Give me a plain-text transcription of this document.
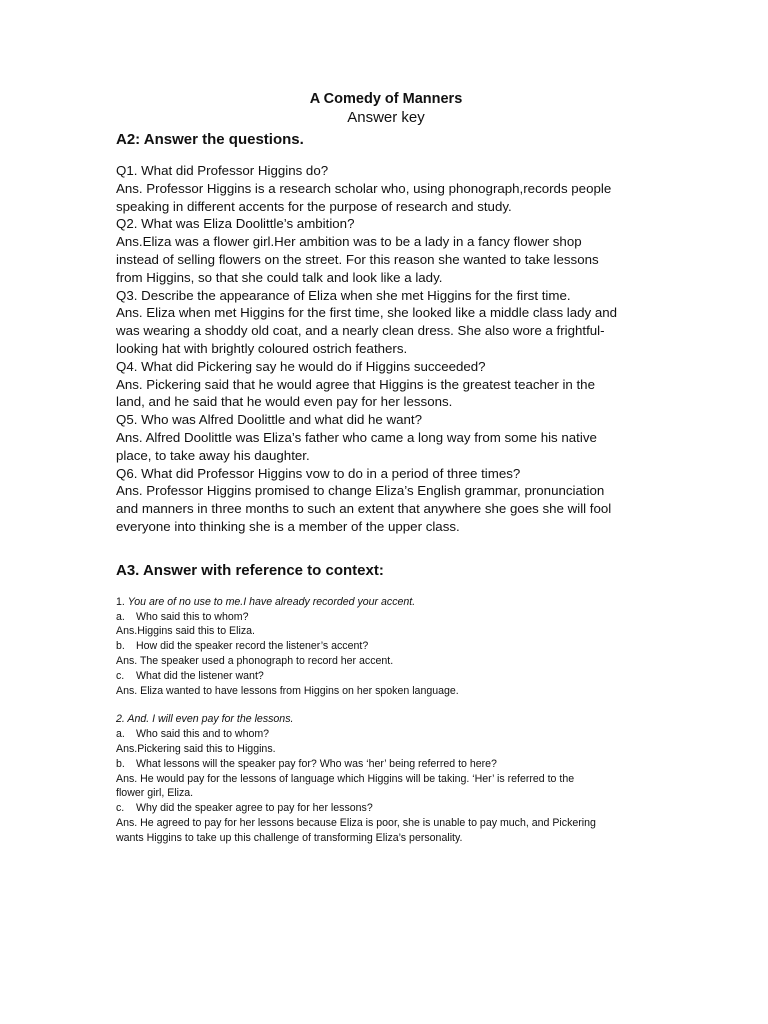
A Comedy of Manners
Answer key
A2: Answer the questions.

Q1. What did Professor Higgins do?

Ans. Professor Higgins is a research scholar who, using phonograph,records people

speaking in different accents for the purpose of research and study.

Q2. What was Eliza Doolittle’s ambition?

Ans.Eliza was a flower girl.Her ambition was to be a lady in a fancy flower shop

instead of selling flowers on the street. For this reason she wanted to take lessons

from Higgins, so that she could talk and look like a lady.

Q3. Describe the appearance of Eliza when she met Higgins for the first time.

Ans. Eliza when met Higgins for the first time, she looked like a middle class lady and

was wearing a shoddy old coat, and a nearly clean dress. She also wore a frightful-

looking hat with brightly coloured ostrich feathers.

Q4. What did Pickering say he would do if Higgins succeeded?

Ans. Pickering said that he would agree that Higgins is the greatest teacher in the

land, and he said that he would even pay for her lessons.

Q5. Who was Alfred Doolittle and what did he want?

Ans. Alfred Doolittle was Eliza’s father who came a long way from some his native

place, to take away his daughter.

Q6. What did Professor Higgins vow to do in a period of three times?

Ans. Professor Higgins promised to change Eliza’s English grammar, pronunciation

and manners in three months to such an extent that anywhere she goes she will fool

everyone into thinking she is a member of the upper class.

A3. Answer with reference to context:

1. You are of no use to me.I have already recorded your accent.

a.	Who said this to whom?

Ans.Higgins said this to Eliza.

b.	How did the speaker record the listener’s accent?

Ans. The speaker used a phonograph to record her accent.

c.	What did the listener want?

Ans. Eliza wanted to have lessons from Higgins on her spoken language.

2. And. I will even pay for the lessons.

a.	Who said this and to whom?

Ans.Pickering said this to Higgins.

b.	What lessons will the speaker pay for? Who was ‘her’ being referred to here?

Ans. He would pay for the lessons of language which Higgins will be taking. ‘Her’ is referred to the

flower girl, Eliza.

c.	Why did the speaker agree to pay for her lessons?

Ans. He agreed to pay for her lessons because Eliza is poor, she is unable to pay much, and Pickering

wants Higgins to take up this challenge of transforming Eliza’s personality.
